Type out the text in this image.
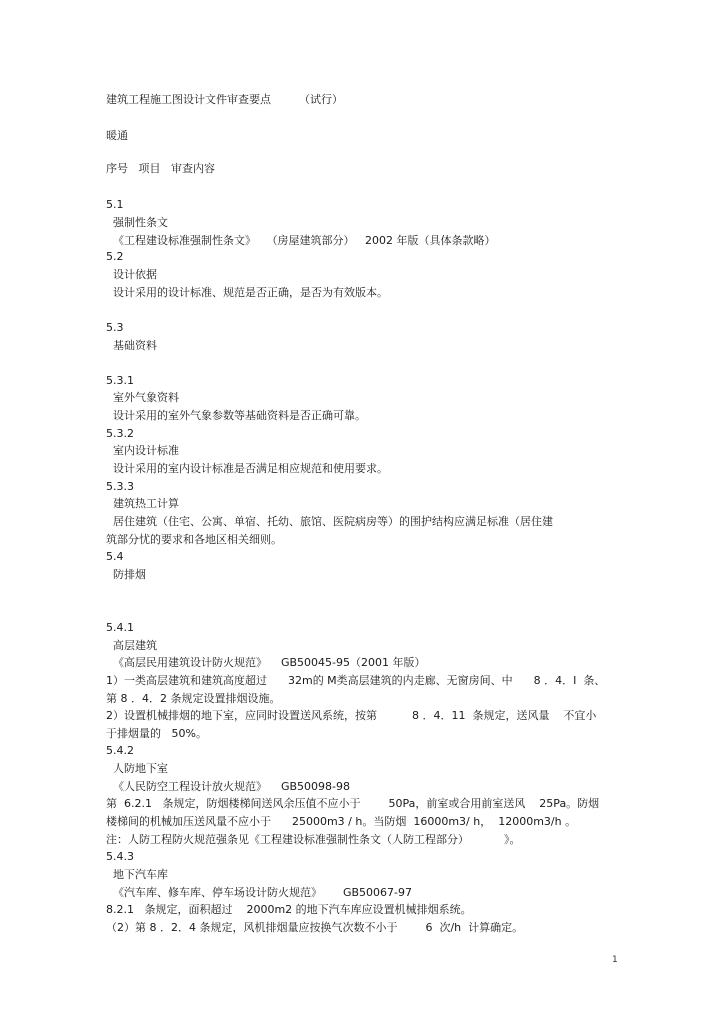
建筑工程施工图设计文件审查要点        （试行）
暖通
序号   项目   审查内容
5.1
强制性条文
《工程建设标准强制性条文》   （房屋建筑部分）   2002 年版（具体条款略）
5.2
设计依据
设计采用的设计标准、规范是否正确，是否为有效版本。
5.3
基础资料
5.3.1
室外气象资料
设计采用的室外气象参数等基础资料是否正确可靠。
5.3.2
室内设计标准
设计采用的室内设计标准是否满足相应规范和使用要求。
5.3.3
建筑热工计算
居住建筑（住宅、公寓、单宿、托幼、旅馆、医院病房等）的围护结构应满足标准（居住建
筑部分忧的要求和各地区相关细则。
5.4
防排烟
5.4.1
高层建筑
《高层民用建筑设计防火规范》    GB50045-95（2001 年版）
1）一类高层建筑和建筑高度超过      32m的 M类高层建筑的内走廊、无窗房间、中      8 ．4．I  条、
第 8 ．4．2 条规定设置排烟设施。
2）设置机械排烟的地下室，应同时设置送风系统，按第          8 ．4．11  条规定，送风量    不宜小
于排烟量的   50%。
5.4.2
人防地下室
《人民防空工程设计放火规范》    GB50098-98
第  6.2.1   条规定，防烟楼梯间送风余压值不应小于        50Pa，前室或合用前室送风    25Pa。防烟
楼梯间的机械加压送风量不应小于      25000m3 / h。当防烟  16000m3/ h，  12000m3/h 。
注：人防工程防火规范强条见《工程建设标准强制性条文（人防工程部分）          》。
5.4.3
地下汽车库
《汽车库、修车库、停车场设计防火规范》      GB50067-97
8.2.1   条规定，面积超过    2000m2 的地下汽车库应设置机械排烟系统。
（2）第 8 ．2．4 条规定，风机排烟量应按换气次数不小于        6  次/h  计算确定。
1
